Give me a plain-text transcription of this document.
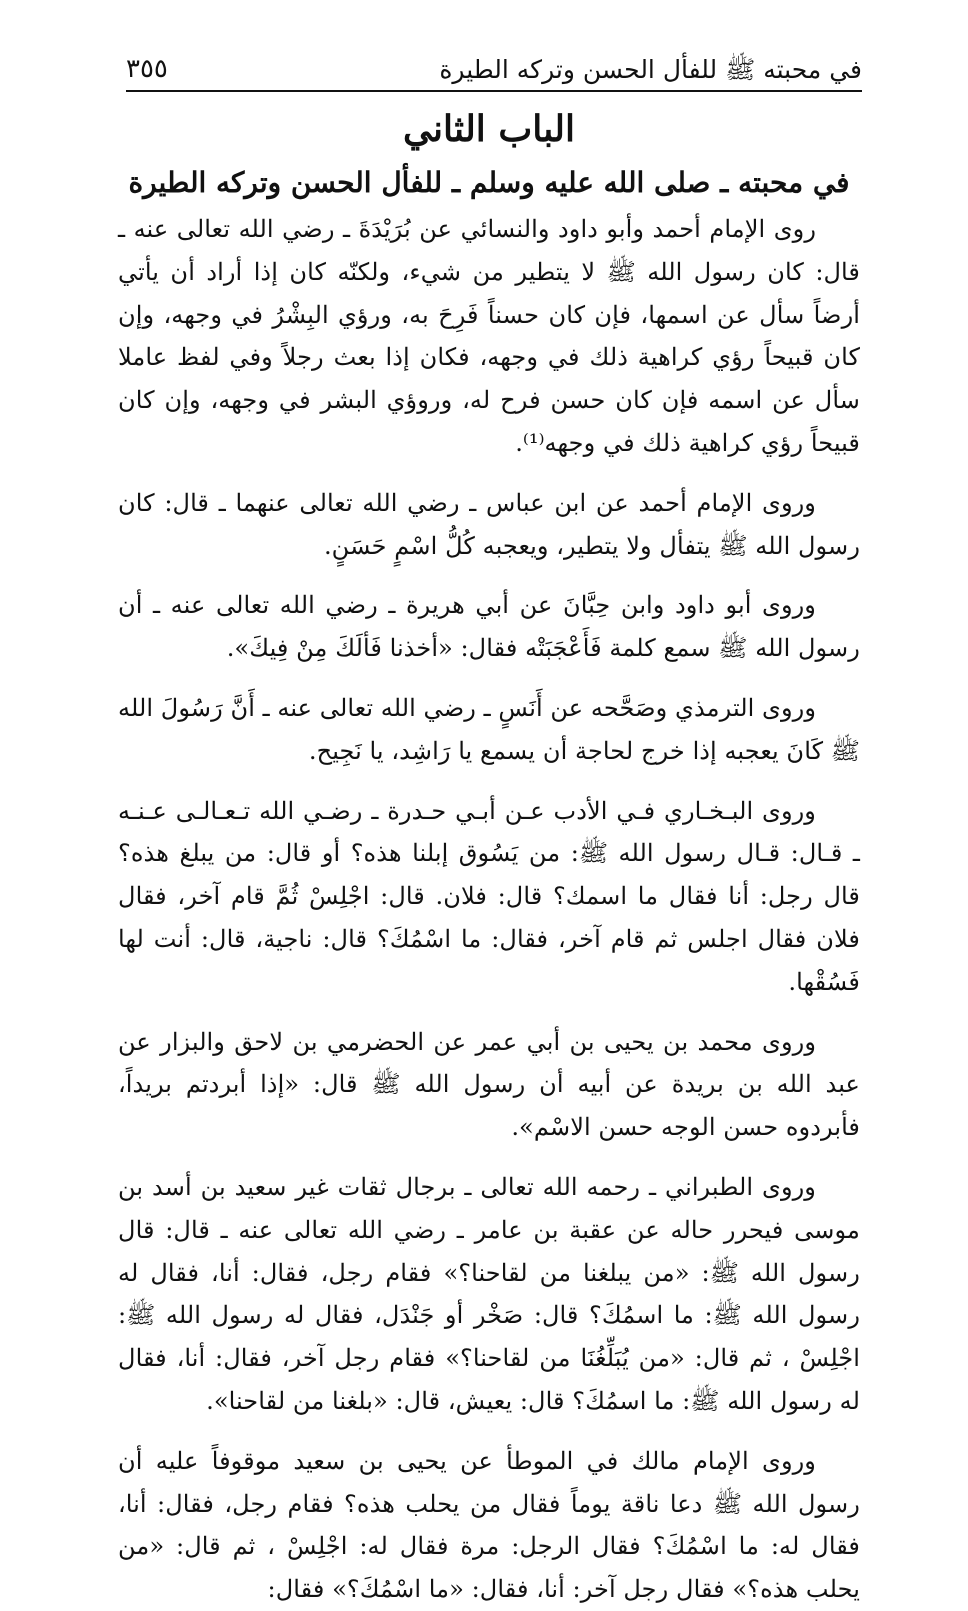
في محبته ﷺ للفأل الحسن وتركه الطيرة
٣٥٥
الباب الثاني
في محبته ـ صلى الله عليه وسلم ـ للفأل الحسن وتركه الطيرة

روى الإمام أحمد وأبو داود والنسائي عن بُرَيْدَةَ ـ رضي الله تعالى عنه ـ قال: كان رسول الله ﷺ لا يتطير من شيء، ولكنّه كان إذا أراد أن يأتي أرضاً سأل عن اسمها، فإن كان حسناً فَرِحَ به، ورؤي البِشْرُ في وجهه، وإن كان قبيحاً رؤي كراهية ذلك في وجهه، فكان إذا بعث رجلاً وفي لفظ عاملا سأل عن اسمه فإن كان حسن فرح له، وروؤي البشر في وجهه، وإن كان قبيحاً رؤي كراهية ذلك في وجهه⁽¹⁾.

وروى الإمام أحمد عن ابن عباس ـ رضي الله تعالى عنهما ـ قال: كان رسول الله ﷺ يتفأل ولا يتطير، ويعجبه كُلُّ اسْمٍ حَسَنٍ.

وروى أبو داود وابن حِبَّانَ عن أبي هريرة ـ رضي الله تعالى عنه ـ أن رسول الله ﷺ سمع كلمة فَأَعْجَبَتْه فقال: «أخذنا فَألَكَ مِنْ فِيكَ».

وروى الترمذي وصَحَّحه عن أَنَسٍ ـ رضي الله تعالى عنه ـ أَنَّ رَسُولَ الله ﷺ كَانَ يعجبه إذا خرج لحاجة أن يسمع يا رَاشِد، يا نَجِيح.

وروى البـخـاري فـي الأدب عـن أبـي حـدرة ـ رضـي الله تـعـالـى عـنـه ـ قـال: قـال رسول الله ﷺ: من يَسُوق إبلنا هذه؟ أو قال: من يبلغ هذه؟ قال رجل: أنا فقال ما اسمك؟ قال: فلان. قال: اجْلِسْ ثُمَّ قام آخر، فقال فلان فقال اجلس ثم قام آخر، فقال: ما اسْمُكَ؟ قال: ناجية، قال: أنت لها فَسُقْها.

وروى محمد بن يحيى بن أبي عمر عن الحضرمي بن لاحق والبزار عن عبد الله بن بريدة عن أبيه أن رسول الله ﷺ قال: «إذا أبردتم بريداً، فأبردوه حسن الوجه حسن الاسْم».

وروى الطبراني ـ رحمه الله تعالى ـ برجال ثقات غير سعيد بن أسد بن موسى فيحرر حاله عن عقبة بن عامر ـ رضي الله تعالى عنه ـ قال: قال رسول الله ﷺ: «من يبلغنا من لقاحنا؟» فقام رجل، فقال: أنا، فقال له رسول الله ﷺ: ما اسمُكَ؟ قال: صَخْر أو جَنْدَل، فقال له رسول الله ﷺ: اجْلِسْ ، ثم قال: «من يُبَلِّغُنَا من لقاحنا؟» فقام رجل آخر، فقال: أنا، فقال له رسول الله ﷺ: ما اسمُكَ؟ قال: يعيش، قال: «بلغنا من لقاحنا».

وروى الإمام مالك في الموطأ عن يحيى بن سعيد موقوفاً عليه أن رسول الله ﷺ دعا ناقة يوماً فقال من يحلب هذه؟ فقام رجل، فقال: أنا، فقال له: ما اسْمُكَ؟ فقال الرجل: مرة فقال له: اجْلِسْ ، ثم قال: «من يحلب هذه؟» فقال رجل آخر: أنا، فقال: «ما اسْمُكَ؟» فقال:
